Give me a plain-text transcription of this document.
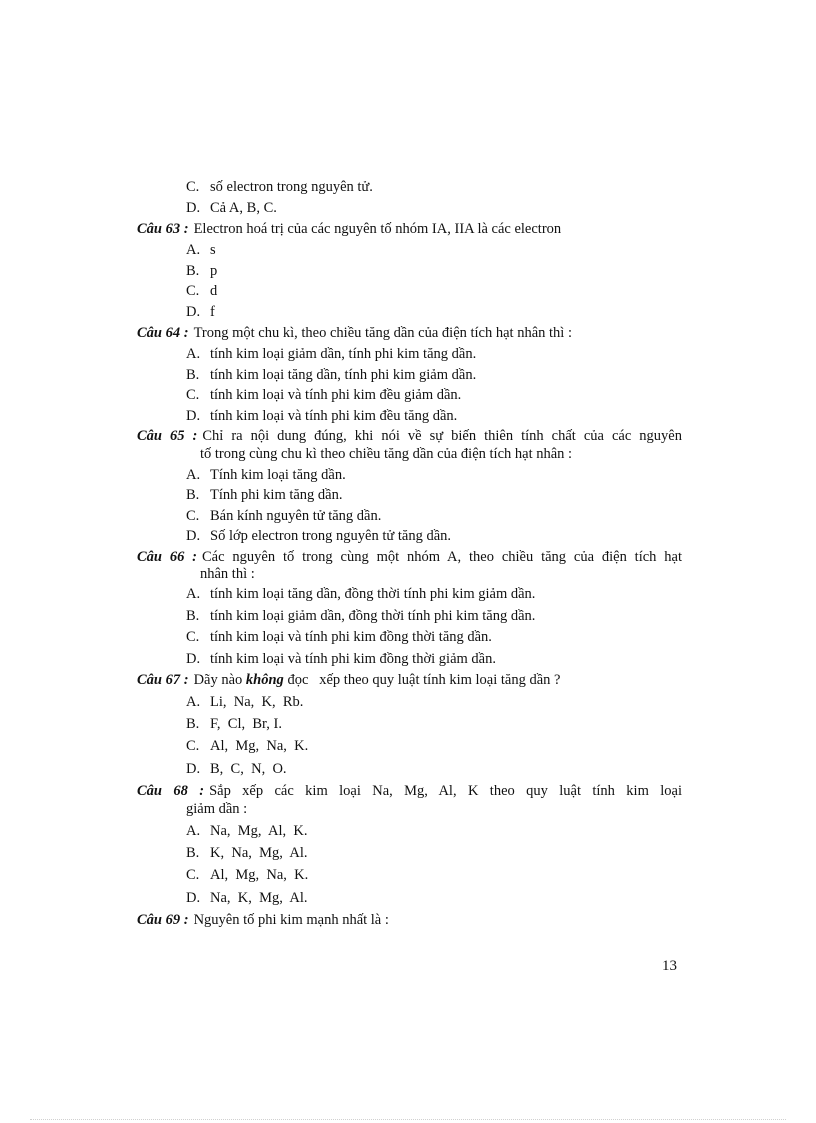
C. số electron trong nguyên tử.
D. Cả A, B, C.
Câu 63 : Electron hoá trị của các nguyên tố nhóm IA, IIA là các electron
A. s
B. p
C. d
D. f
Câu 64 : Trong một chu kì, theo chiều tăng dần của điện tích hạt nhân thì :
A. tính kim loại giảm dần, tính phi kim tăng dần.
B. tính kim loại tăng dần, tính phi kim giảm dần.
C. tính kim loại và tính phi kim đều giảm dần.
D. tính kim loại và tính phi kim đều tăng dần.
Câu 65 : Chỉ ra nội dung đúng, khi nói về sự biến thiên tính chất của các nguyên
tố trong cùng chu kì theo chiều tăng dần của điện tích hạt nhân :
A. Tính kim loại tăng dần.
B. Tính phi kim tăng dần.
C. Bán kính nguyên tử tăng dần.
D. Số lớp electron trong nguyên tử tăng dần.
Câu 66 : Các nguyên tố trong cùng một nhóm A, theo chiều tăng của điện tích hạt
nhân thì :
A. tính kim loại tăng dần, đồng thời tính phi kim giảm dần.
B. tính kim loại giảm dần, đồng thời tính phi kim tăng dần.
C. tính kim loại và tính phi kim đồng thời tăng dần.
D. tính kim loại và tính phi kim đồng thời giảm dần.
Câu 67 : Dãy nào không đọc   xếp theo quy luật tính kim loại tăng dần ?
A. Li,  Na,  K,  Rb.
B. F,  Cl,  Br, I.
C. Al,  Mg,  Na,  K.
D. B,  C,  N,  O.
Câu 68 : Sắp xếp các kim loại Na, Mg, Al, K theo quy luật tính kim loại
giảm dần :
A. Na,  Mg,  Al,  K.
B. K,  Na,  Mg,  Al.
C. Al,  Mg,  Na,  K.
D. Na,  K,  Mg,  Al.
Câu 69 : Nguyên tố phi kim mạnh nhất là :
13
